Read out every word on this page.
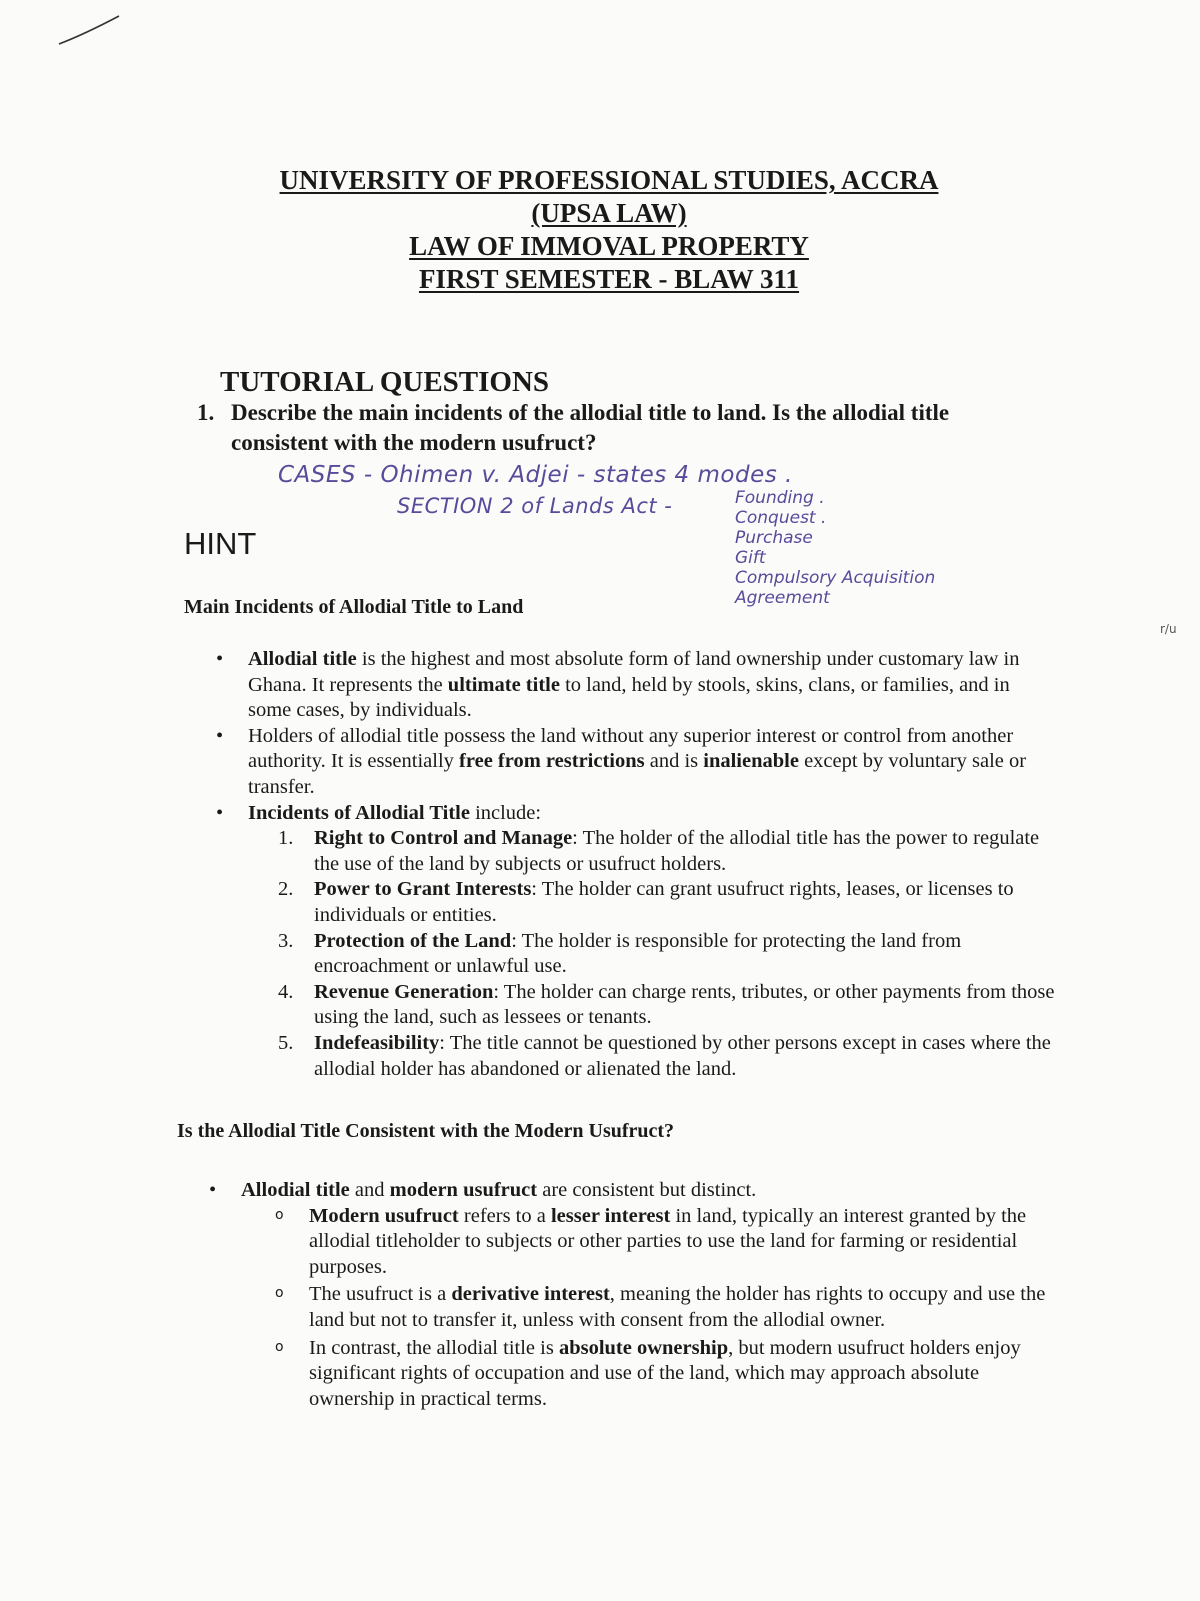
r/u
UNIVERSITY OF PROFESSIONAL STUDIES, ACCRA
(UPSA LAW)
LAW OF IMMOVAL PROPERTY
FIRST SEMESTER - BLAW 311
TUTORIAL QUESTIONS
1. Describe the main incidents of the allodial title to land. Is the allodial title consistent with the modern usufruct?
CASES - Ohimen v. Adjei - states 4 modes .
SECTION 2 of Lands Act -	Founding .
Conquest .
Purchase
Gift
Compulsory Acquisition
Agreement
HINT
Main Incidents of Allodial Title to Land
• Allodial title is the highest and most absolute form of land ownership under customary law in Ghana. It represents the ultimate title to land, held by stools, skins, clans, or families, and in some cases, by individuals.
• Holders of allodial title possess the land without any superior interest or control from another authority. It is essentially free from restrictions and is inalienable except by voluntary sale or transfer.
• Incidents of Allodial Title include:
1. Right to Control and Manage: The holder of the allodial title has the power to regulate the use of the land by subjects or usufruct holders.
2. Power to Grant Interests: The holder can grant usufruct rights, leases, or licenses to individuals or entities.
3. Protection of the Land: The holder is responsible for protecting the land from encroachment or unlawful use.
4. Revenue Generation: The holder can charge rents, tributes, or other payments from those using the land, such as lessees or tenants.
5. Indefeasibility: The title cannot be questioned by other persons except in cases where the allodial holder has abandoned or alienated the land.
Is the Allodial Title Consistent with the Modern Usufruct?
• Allodial title and modern usufruct are consistent but distinct.
o Modern usufruct refers to a lesser interest in land, typically an interest granted by the allodial titleholder to subjects or other parties to use the land for farming or residential purposes.
o The usufruct is a derivative interest, meaning the holder has rights to occupy and use the land but not to transfer it, unless with consent from the allodial owner.
o In contrast, the allodial title is absolute ownership, but modern usufruct holders enjoy significant rights of occupation and use of the land, which may approach absolute ownership in practical terms.
